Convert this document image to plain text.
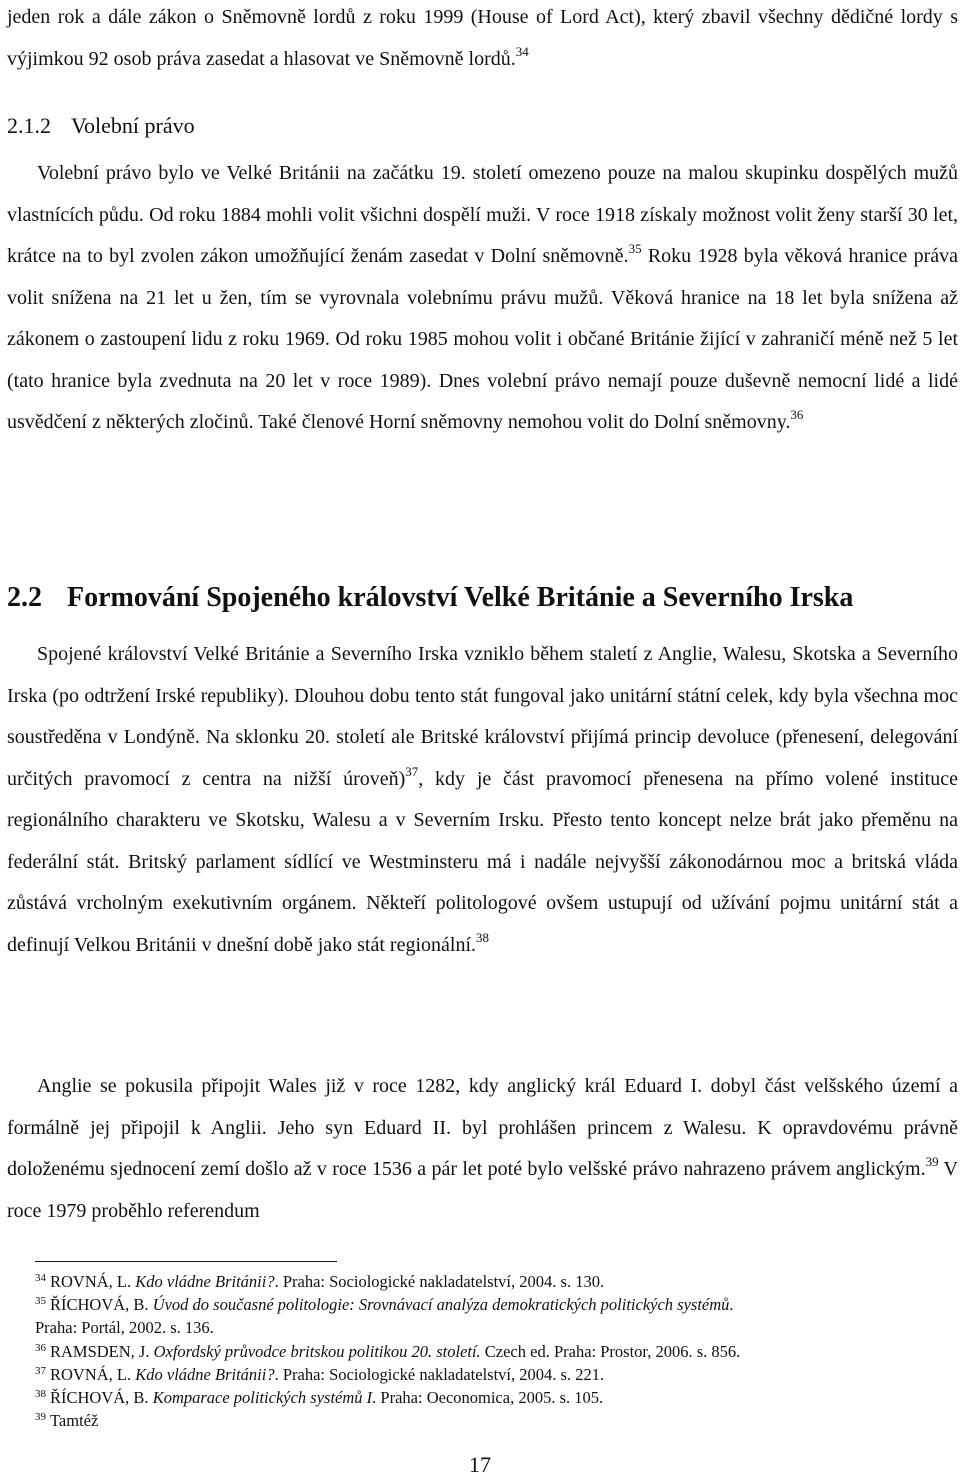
jeden rok a dále zákon o Sněmovně lordů z roku 1999 (House of Lord Act), který zbavil všechny dědičné lordy s výjimkou 92 osob práva zasedat a hlasovat ve Sněmovně lordů.$^{34}$

2.1.2 Volební právo

Volební právo bylo ve Velké Británii na začátku 19. století omezeno pouze na malou skupinku dospělých mužů vlastnících půdu. Od roku 1884 mohli volit všichni dospělí muži. V roce 1918 získaly možnost volit ženy starší 30 let, krátce na to byl zvolen zákon umožňující ženám zasedat v Dolní sněmovně.$^{35}$ Roku 1928 byla věková hranice práva volit snížena na 21 let u žen, tím se vyrovnala volebnímu právu mužů. Věková hranice na 18 let byla snížena až zákonem o zastoupení lidu z roku 1969. Od roku 1985 mohou volit i občané Británie žijící v zahraničí méně než 5 let (tato hranice byla zvednuta na 20 let v roce 1989). Dnes volební právo nemají pouze duševně nemocní lidé a lidé usvědčení z některých zločinů. Také členové Horní sněmovny nemohou volit do Dolní sněmovny.$^{36}$

2.2 Formování Spojeného království Velké Británie a Severního Irska

Spojené království Velké Británie a Severního Irska vzniklo během staletí z Anglie, Walesu, Skotska a Severního Irska (po odtržení Irské republiky). Dlouhou dobu tento stát fungoval jako unitární státní celek, kdy byla všechna moc soustředěna v Londýně. Na sklonku 20. století ale Britské království přijímá princip devoluce (přenesení, delegování určitých pravomocí z centra na nižší úroveň)$^{37}$, kdy je část pravomocí přenesena na přímo volené instituce regionálního charakteru ve Skotsku, Walesu a v Severním Irsku. Přesto tento koncept nelze brát jako přeměnu na federální stát. Britský parlament sídlící ve Westminsteru má i nadále nejvyšší zákonodárnou moc a britská vláda zůstává vrcholným exekutivním orgánem. Někteří politologové ovšem ustupují od užívání pojmu unitární stát a definují Velkou Británii v dnešní době jako stát regionální.$^{38}$

Anglie se pokusila připojit Wales již v roce 1282, kdy anglický král Eduard I. dobyl část velšského území a formálně jej připojil k Anglii. Jeho syn Eduard II. byl prohlášen princem z Walesu. K opravdovému právně doloženému sjednocení zemí došlo až v roce 1536 a pár let poté bylo velšské právo nahrazeno právem anglickým.$^{39}$ V roce 1979 proběhlo referendum

$^{34}$ ROVNÁ, L. Kdo vládne Británii?. Praha: Sociologické nakladatelství, 2004. s. 130.

$^{35}$ ŘÍCHOVÁ, B. Úvod do současné politologie: Srovnávací analýza demokratických politických systémů.
Praha: Portál, 2002. s. 136.

$^{36}$ RAMSDEN, J. Oxfordský průvodce britskou politikou 20. století. Czech ed. Praha: Prostor, 2006. s. 856.

$^{37}$ ROVNÁ, L. Kdo vládne Británii?. Praha: Sociologické nakladatelství, 2004. s. 221.

$^{38}$ ŘÍCHOVÁ, B. Komparace politických systémů I. Praha: Oeconomica, 2005. s. 105.

$^{39}$ Tamtéž

17
